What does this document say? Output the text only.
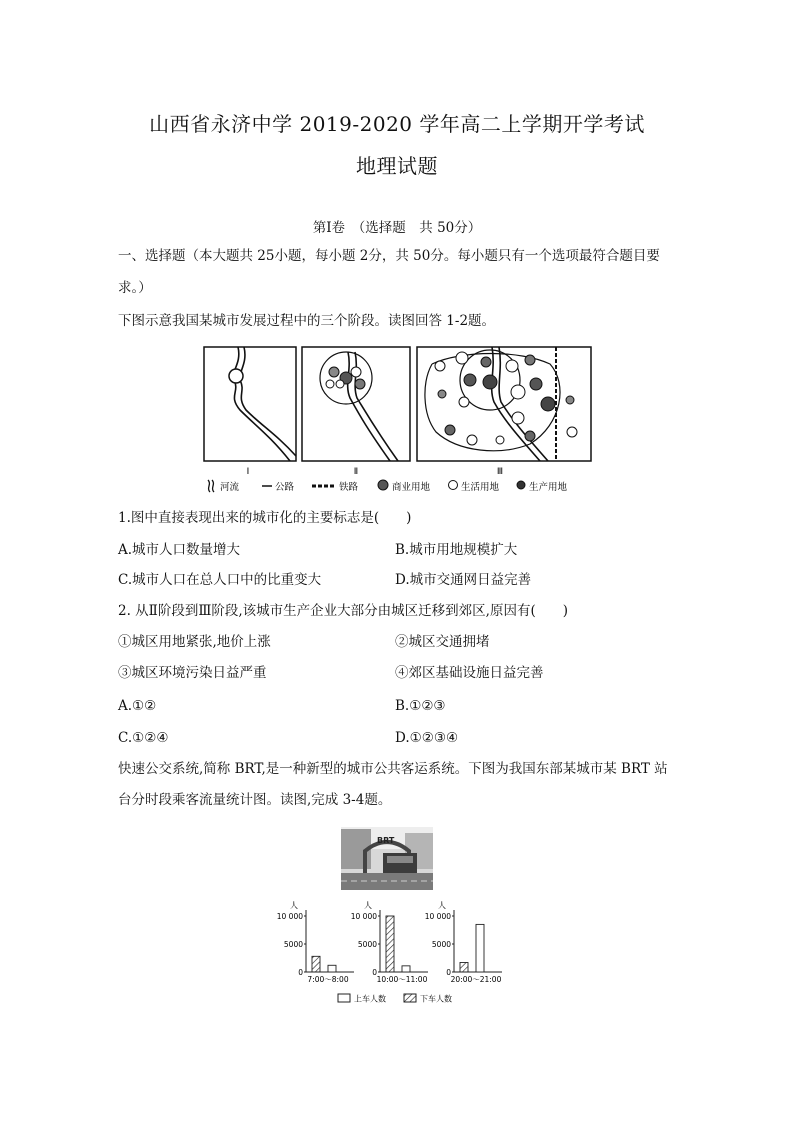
山西省永济中学 2019-2020 学年高二上学期开学考试
地理试题
第Ⅰ卷　（选择题　共 50分）
一、选择题（本大题共 25小题，每小题 2分，共 50分。每小题只有一个选项最符合题目要
求。）
下图示意我国某城市发展过程中的三个阶段。读图回答 1-2题。
Ⅰ	Ⅱ	Ⅲ
河流	公路	铁路	商业用地	生活用地	生产用地
1.图中直接表现出来的城市化的主要标志是(　　)
A.城市人口数量增大	B.城市用地规模扩大
C.城市人口在总人口中的比重变大	D.城市交通网日益完善
2. 从Ⅱ阶段到Ⅲ阶段,该城市生产企业大部分由城区迁移到郊区,原因有(　　)
①城区用地紧张,地价上涨	②城区交通拥堵
③城区环境污染日益严重	④郊区基础设施日益完善
A.①②	B.①②③
C.①②④	D.①②③④
快速公交系统,简称 BRT,是一种新型的城市公共客运系统。下图为我国东部某城市某 BRT 站
台分时段乘客流量统计图。读图,完成 3-4题。
BRT
人
10 000
5000
0
7:00～8:00
人
10 000
5000
0
10:00～11:00
人
10 000
5000
0
20:00～21:00
上车人数	下车人数
